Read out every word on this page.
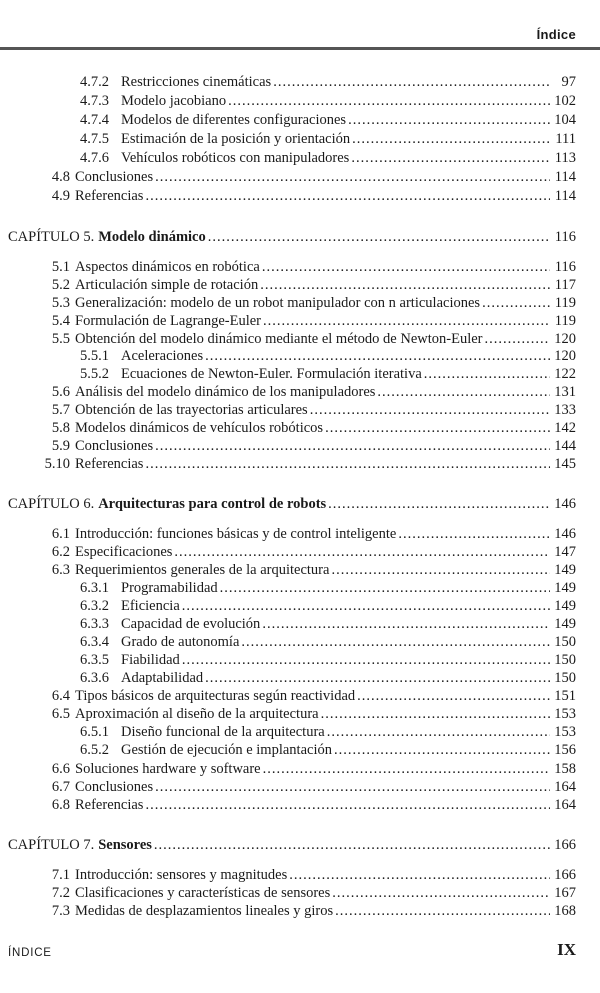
Índice
4.7.2 Restricciones cinemáticas .....	97
4.7.3 Modelo jacobiano .....	102
4.7.4 Modelos de diferentes configuraciones .....	104
4.7.5 Estimación de la posición y orientación .....	111
4.7.6 Vehículos robóticos con manipuladores .....	113
4.8 Conclusiones .....	114
4.9 Referencias .....	114
CAPÍTULO 5. Modelo dinámico .....	116
5.1 Aspectos dinámicos en robótica .....	116
5.2 Articulación simple de rotación .....	117
5.3 Generalización: modelo de un robot manipulador con n articulaciones .....	119
5.4 Formulación de Lagrange-Euler .....	119
5.5 Obtención del modelo dinámico mediante el método de Newton-Euler .....	120
5.5.1 Aceleraciones .....	120
5.5.2 Ecuaciones de Newton-Euler. Formulación iterativa .....	122
5.6 Análisis del modelo dinámico de los manipuladores .....	131
5.7 Obtención de las trayectorias articulares .....	133
5.8 Modelos dinámicos de vehículos robóticos .....	142
5.9 Conclusiones .....	144
5.10 Referencias .....	145
CAPÍTULO 6. Arquitecturas para control de robots .....	146
6.1 Introducción: funciones básicas y de control inteligente .....	146
6.2 Especificaciones .....	147
6.3 Requerimientos generales de la arquitectura .....	149
6.3.1 Programabilidad .....	149
6.3.2 Eficiencia .....	149
6.3.3 Capacidad de evolución .....	149
6.3.4 Grado de autonomía .....	150
6.3.5 Fiabilidad .....	150
6.3.6 Adaptabilidad .....	150
6.4 Tipos básicos de arquitecturas según reactividad .....	151
6.5 Aproximación al diseño de la arquitectura .....	153
6.5.1 Diseño funcional de la arquitectura .....	153
6.5.2 Gestión de ejecución e implantación .....	156
6.6 Soluciones hardware y software .....	158
6.7 Conclusiones .....	164
6.8 Referencias .....	164
CAPÍTULO 7. Sensores .....	166
7.1 Introducción: sensores y magnitudes .....	166
7.2 Clasificaciones y características de sensores .....	167
7.3 Medidas de desplazamientos lineales y giros .....	168
ÍNDICE	IX
